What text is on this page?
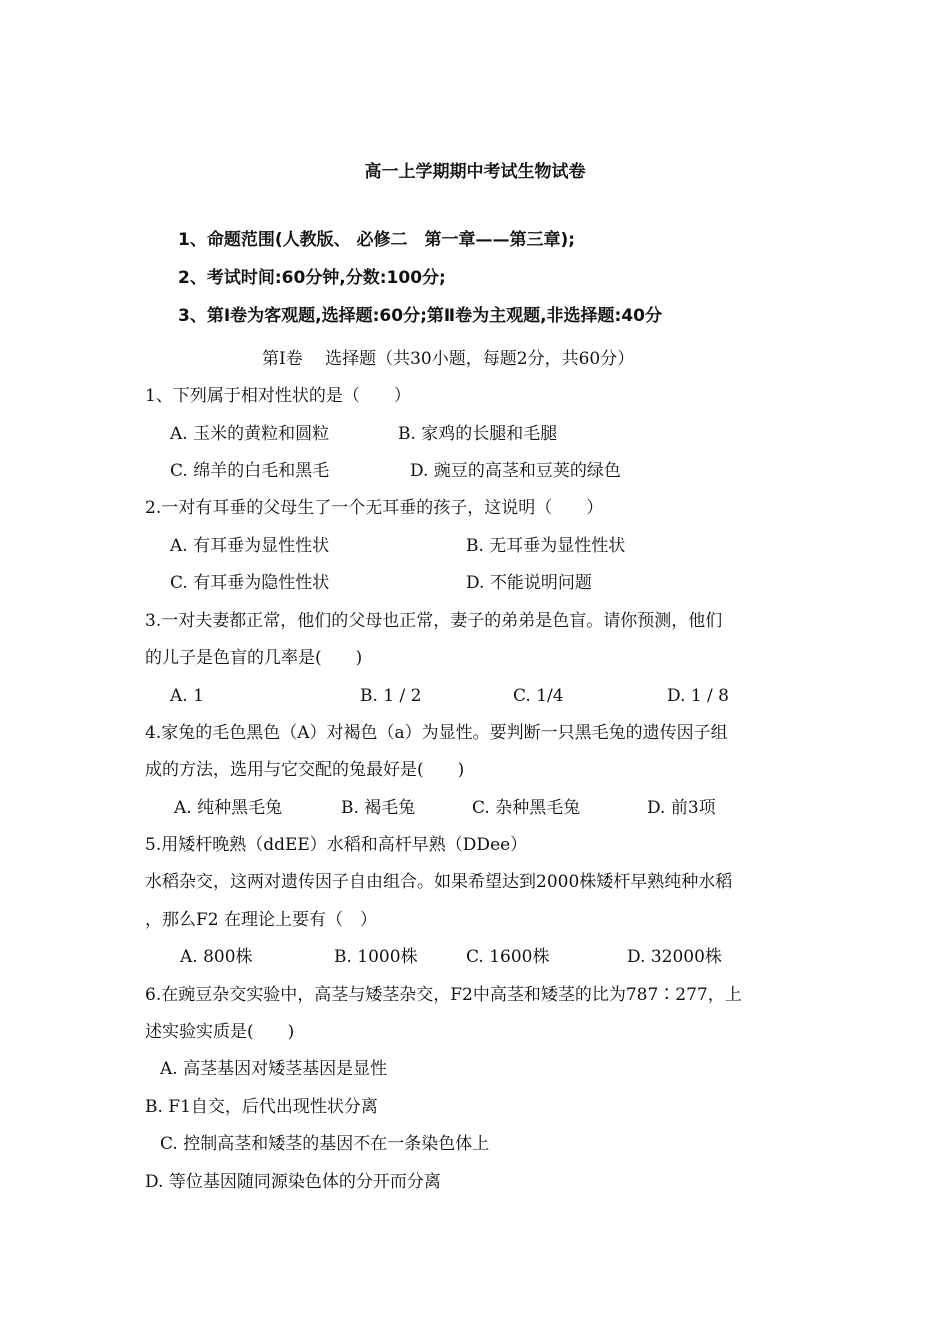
高一上学期期中考试生物试卷
1、命题范围(人教版、 必修二　第一章——第三章);
2、考试时间:60分钟,分数:100分;
3、第Ⅰ卷为客观题,选择题:60分;第Ⅱ卷为主观题,非选择题:40分
第Ⅰ卷　 选择题（共30小题，每题2分，共60分）
1、下列属于相对性状的是（　　）
A. 玉米的黄粒和圆粒	B. 家鸡的长腿和毛腿
C. 绵羊的白毛和黑毛	D. 豌豆的高茎和豆荚的绿色
2.一对有耳垂的父母生了一个无耳垂的孩子，这说明（　　）
A. 有耳垂为显性性状	B. 无耳垂为显性性状
C. 有耳垂为隐性性状	D. 不能说明问题
3.一对夫妻都正常，他们的父母也正常，妻子的弟弟是色盲。请你预测，他们
的儿子是色盲的几率是(　　)
A. 1	B. 1 / 2	C. 1/4	D. 1 / 8
4.家兔的毛色黑色（A）对褐色（a）为显性。要判断一只黑毛兔的遗传因子组
成的方法，选用与它交配的兔最好是(　　)
A. 纯种黑毛兔	B. 褐毛兔	C. 杂种黑毛兔	D. 前3项
5.用矮杆晚熟（ddEE）水稻和高杆早熟（DDee）
水稻杂交，这两对遗传因子自由组合。如果希望达到2000株矮杆早熟纯种水稻
，那么F2 在理论上要有（　）
A. 800株	B. 1000株	C. 1600株	D. 32000株
6.在豌豆杂交实验中，高茎与矮茎杂交，F2中高茎和矮茎的比为787∶277，上
述实验实质是(　　)
A. 高茎基因对矮茎基因是显性
B. F1自交，后代出现性状分离
C. 控制高茎和矮茎的基因不在一条染色体上
D. 等位基因随同源染色体的分开而分离
